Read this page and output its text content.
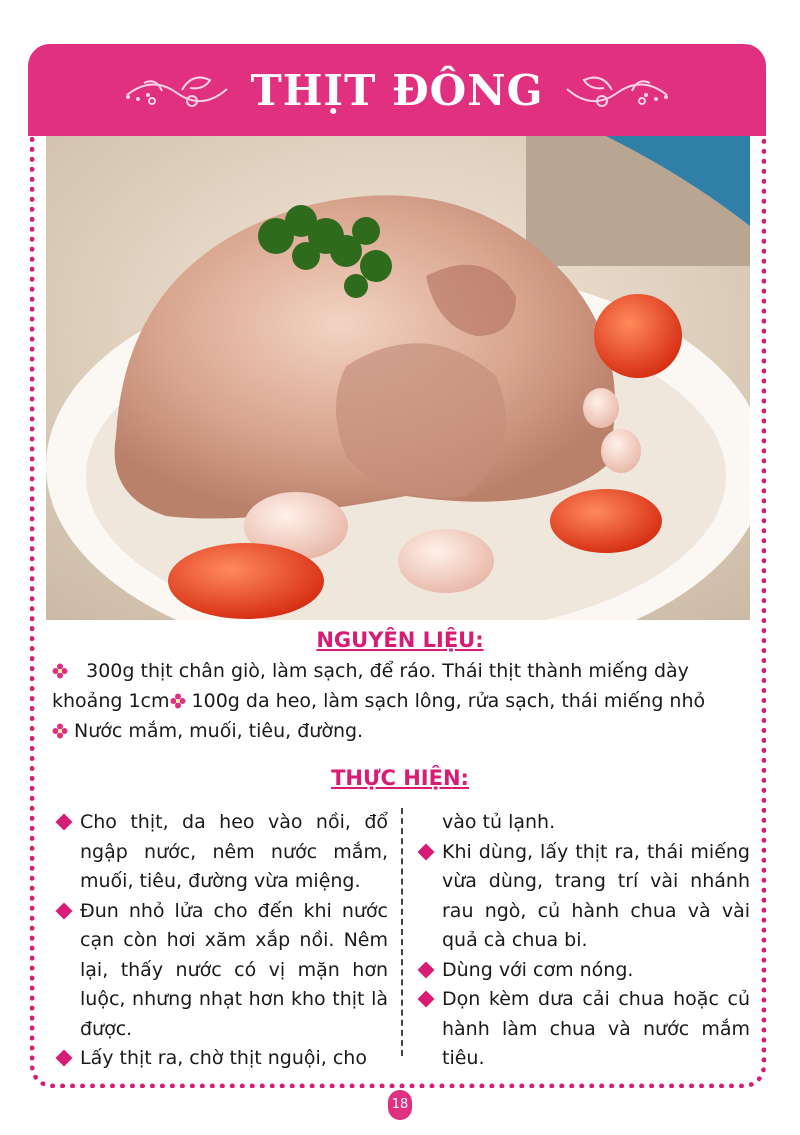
THỊT ĐÔNG
NGUYÊN LIỆU:
300g thịt chân giò, làm sạch, để ráo. Thái thịt thành miếng dày khoảng 1cm 100g da heo, làm sạch lông, rửa sạch, thái miếng nhỏ
Nước mắm, muối, tiêu, đường.
THỰC HIỆN:

Cho thịt, da heo vào nồi, đổ ngập nước, nêm nước mắm, muối, tiêu, đường vừa miệng.

Đun nhỏ lửa cho đến khi nước cạn còn hơi xăm xắp nồi. Nêm lại, thấy nước có vị mặn hơn luộc, nhưng nhạt hơn kho thịt là được.

Lấy thịt ra, chờ thịt nguội, cho

vào tủ lạnh.

Khi dùng, lấy thịt ra, thái miếng vừa dùng, trang trí vài nhánh rau ngò, củ hành chua và vài quả cà chua bi.

Dùng với cơm nóng.

Dọn kèm dưa cải chua hoặc củ hành làm chua và nước mắm tiêu.

18
